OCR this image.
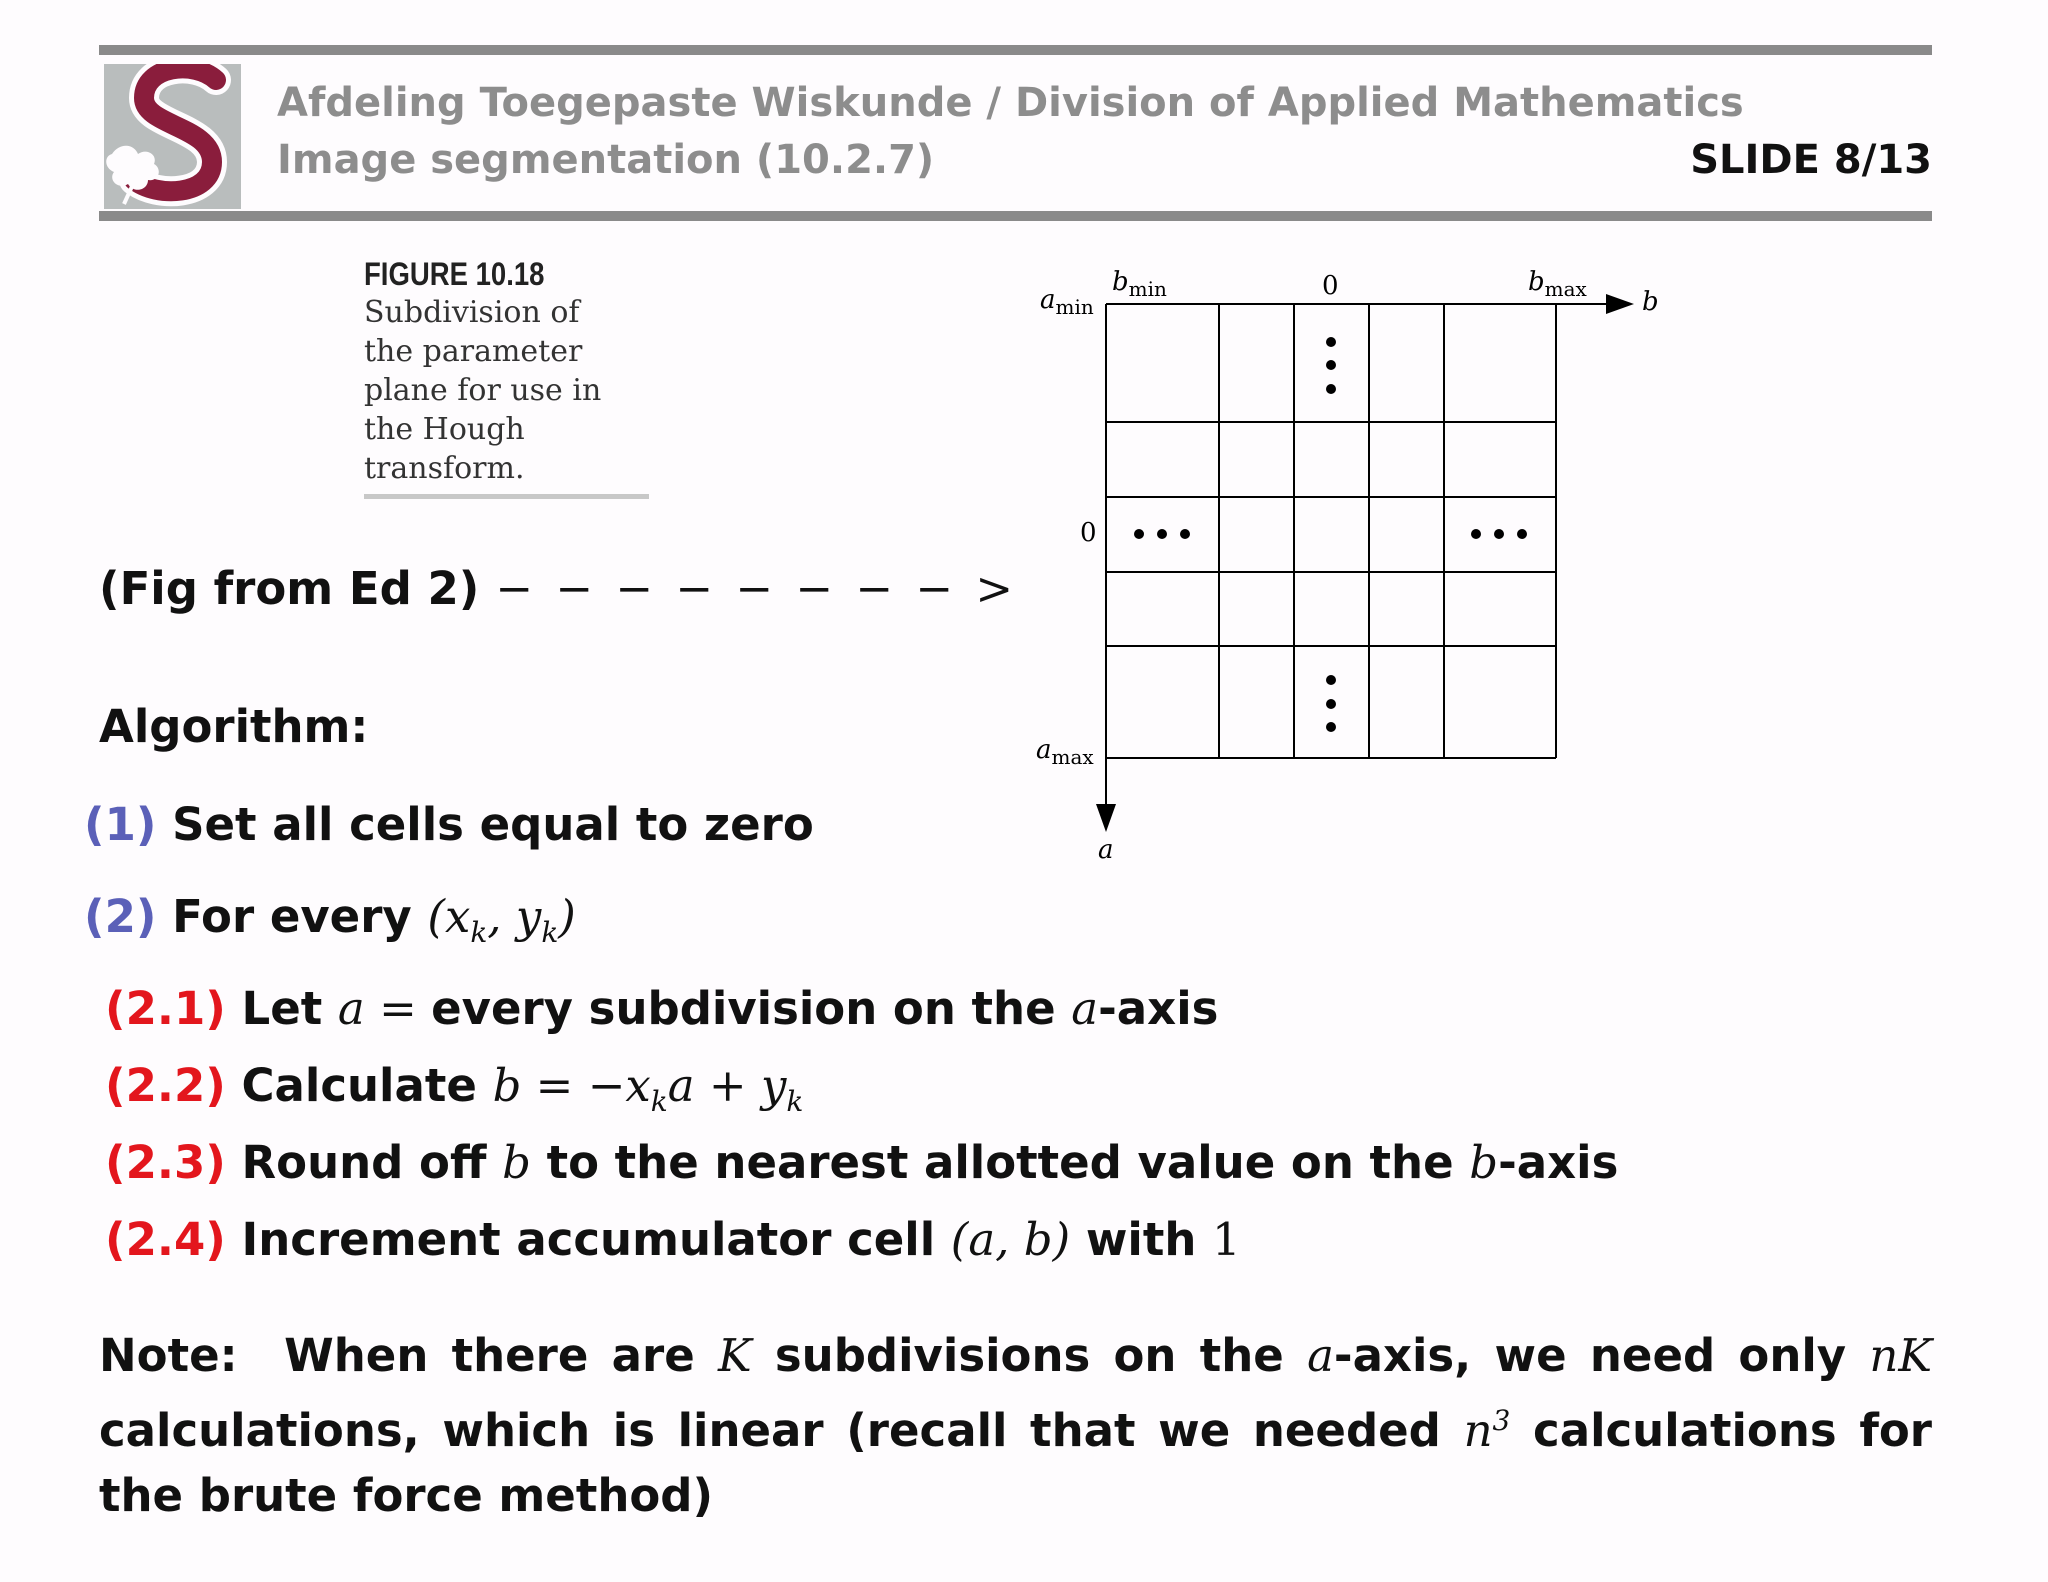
Afdeling Toegepaste Wiskunde / Division of Applied Mathematics
Image segmentation (10.2.7)	SLIDE 8/13
FIGURE 10.18
Subdivision of the parameter plane for use in the Hough transform.
$b_{min}$	0	$b_{max}$ b
$a_{min}$
0
$a_{max}$
a
(Fig from Ed 2) − − − − − − − − >
Algorithm:
(1) Set all cells equal to zero
(2) For every ($x_k$, $y_k$)
(2.1) Let a = every subdivision on the a-axis
(2.2) Calculate $b = -x_ka + y_k$
(2.3) Round off b to the nearest allotted value on the b-axis
(2.4) Increment accumulator cell (a, b) with 1
Note: When there are K subdivisions on the a-axis, we need only nK calculations, which is linear (recall that we needed $n^3$ calculations for the brute force method)
